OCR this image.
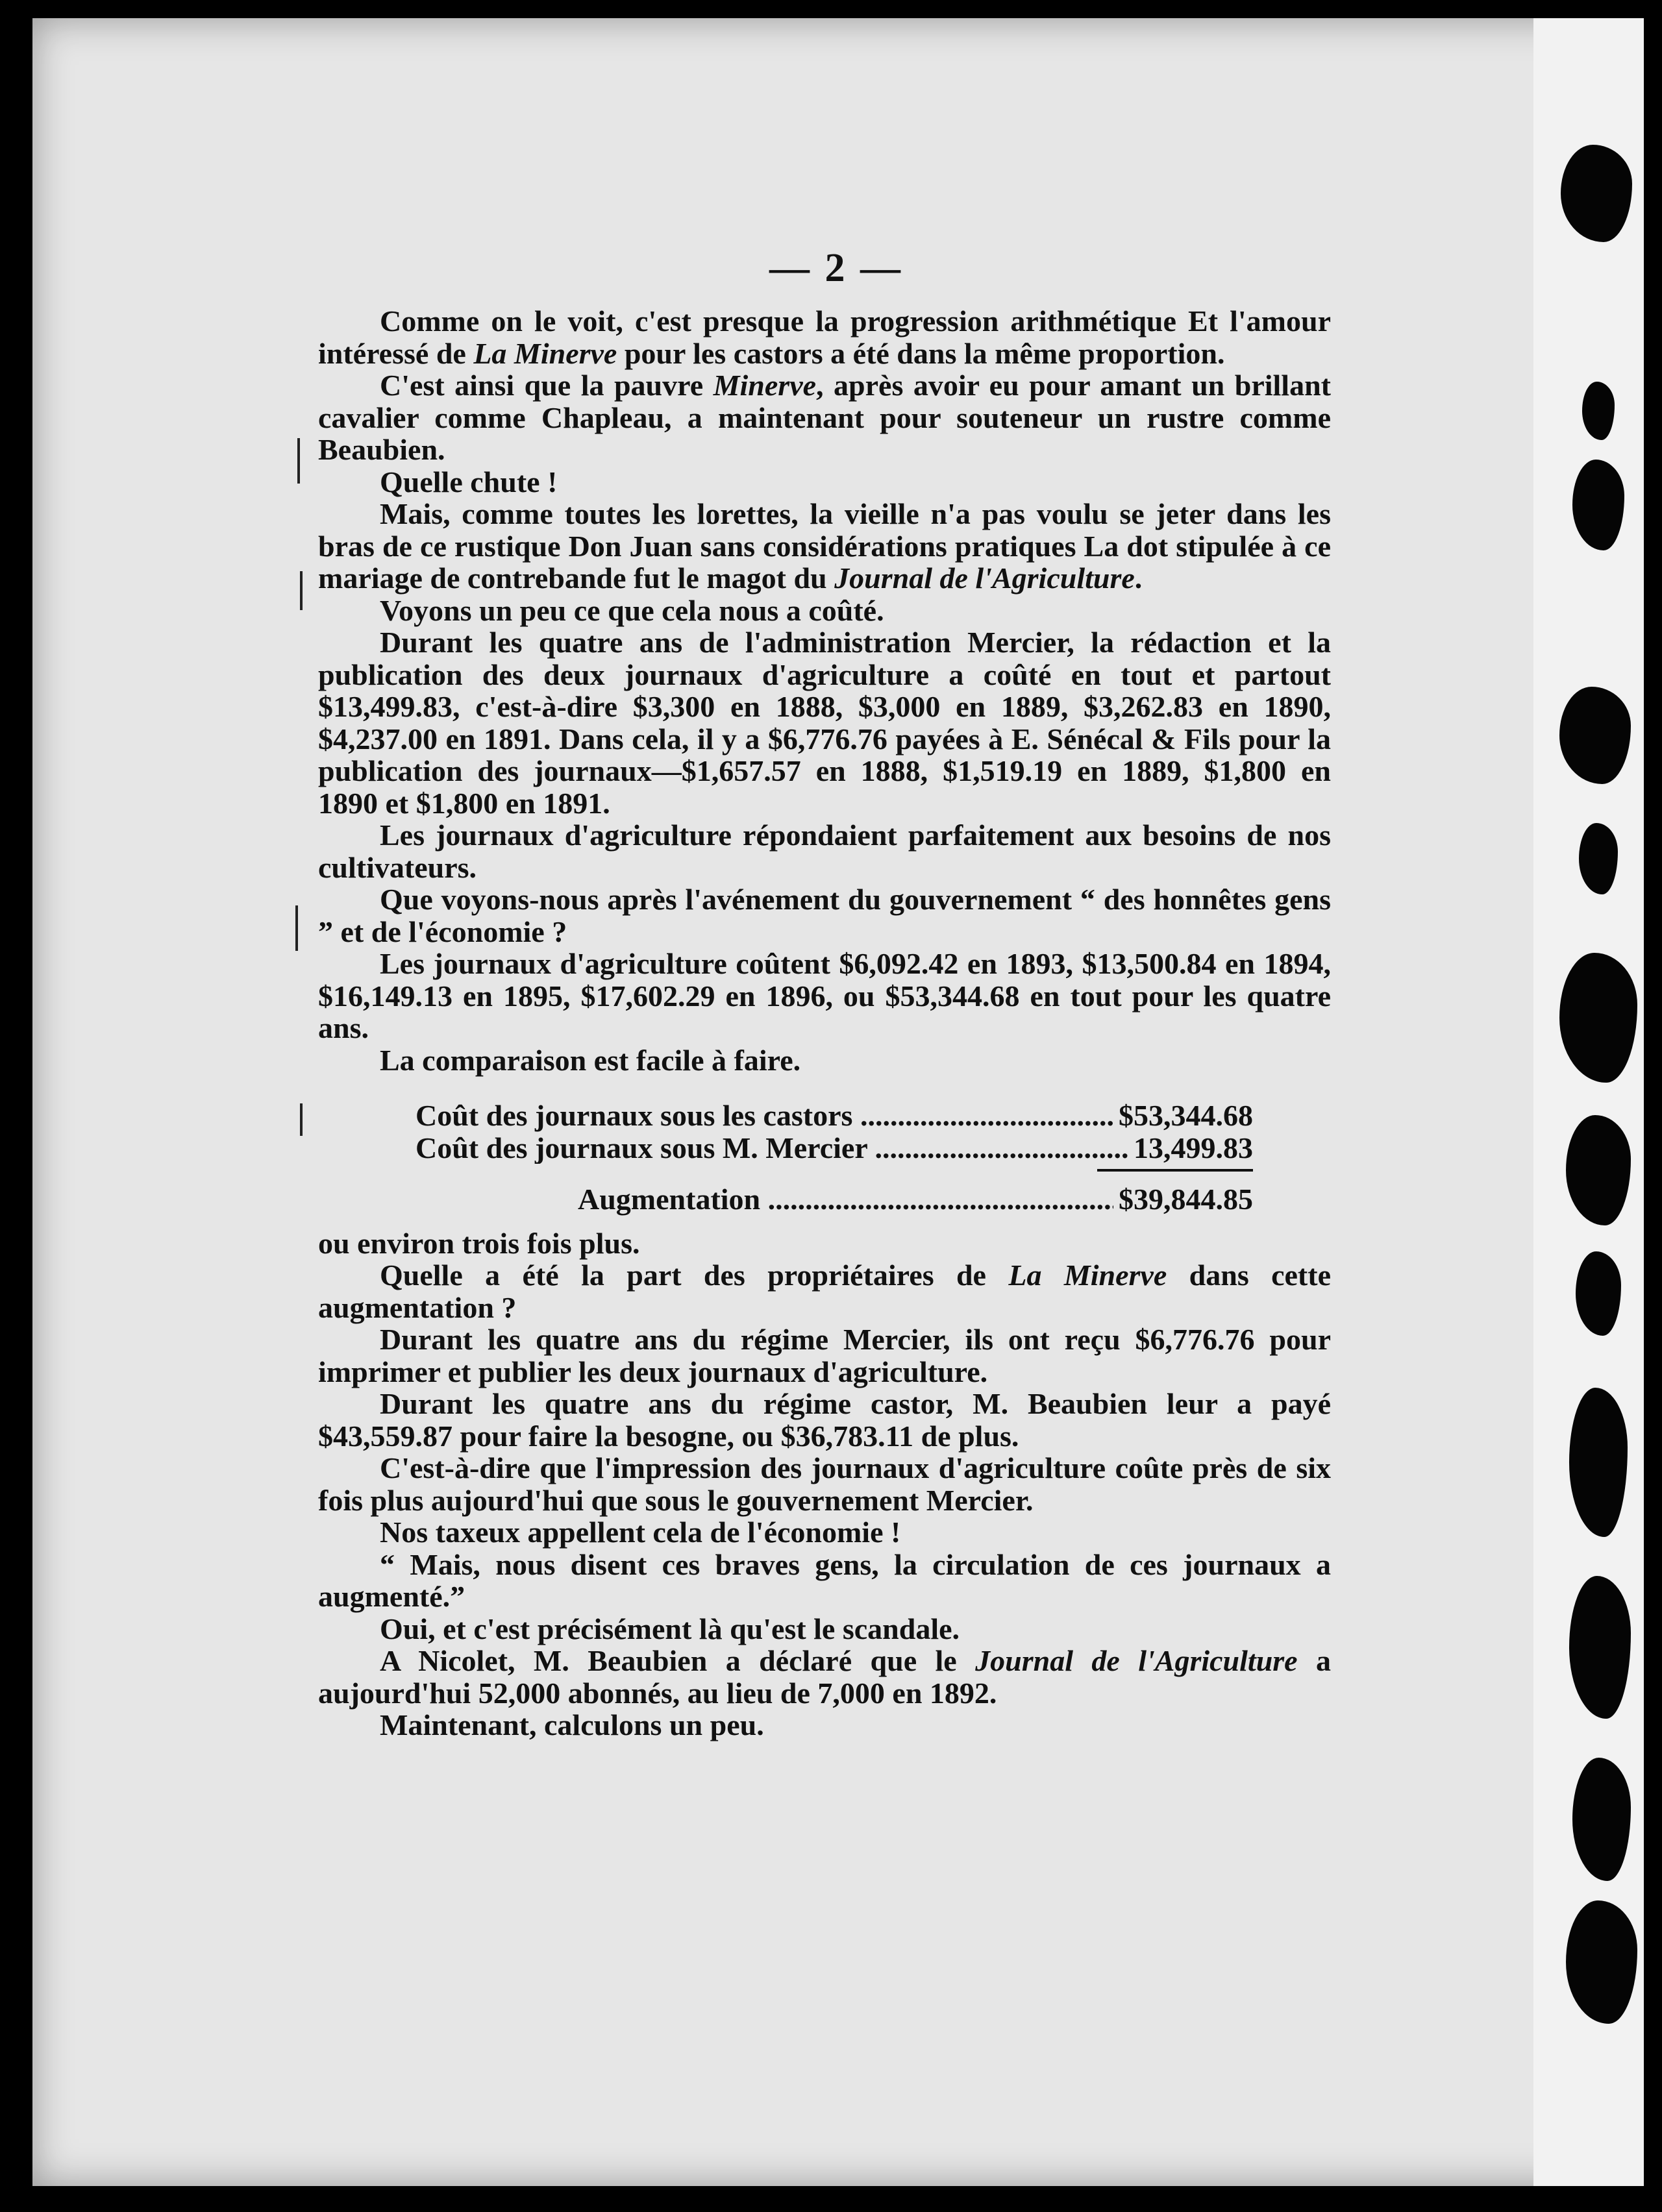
— 2 —

Comme on le voit, c'est presque la progression arithmétique Et l'amour intéressé de La Minerve pour les castors a été dans la même proportion.

C'est ainsi que la pauvre Minerve, après avoir eu pour amant un brillant cavalier comme Chapleau, a maintenant pour souteneur un rustre comme Beaubien.

Quelle chute !

Mais, comme toutes les lorettes, la vieille n'a pas voulu se jeter dans les bras de ce rustique Don Juan sans considérations pratiques La dot stipulée à ce mariage de contrebande fut le magot du Journal de l'Agriculture.

Voyons un peu ce que cela nous a coûté.

Durant les quatre ans de l'administration Mercier, la rédaction et la publication des deux journaux d'agriculture a coûté en tout et partout $13,499.83, c'est-à-dire $3,300 en 1888, $3,000 en 1889, $3,262.83 en 1890, $4,237.00 en 1891. Dans cela, il y a $6,776.76 payées à E. Sénécal & Fils pour la publication des journaux—$1,657.57 en 1888, $1,519.19 en 1889, $1,800 en 1890 et $1,800 en 1891.

Les journaux d'agriculture répondaient parfaitement aux besoins de nos cultivateurs.

Que voyons-nous après l'avénement du gouvernement “ des honnêtes gens ” et de l'économie ?

Les journaux d'agriculture coûtent $6,092.42 en 1893, $13,500.84 en 1894, $16,149.13 en 1895, $17,602.29 en 1896, ou $53,344.68 en tout pour les quatre ans.

La comparaison est facile à faire.

Coût des journaux sous les castors .....	$53,344.68
Coût des journaux sous M. Mercier .....	13,499.83
Augmentation .....	$39,844.85

ou environ trois fois plus.

Quelle a été la part des propriétaires de La Minerve dans cette augmentation ?

Durant les quatre ans du régime Mercier, ils ont reçu $6,776.76 pour imprimer et publier les deux journaux d'agriculture.

Durant les quatre ans du régime castor, M. Beaubien leur a payé $43,559.87 pour faire la besogne, ou $36,783.11 de plus.

C'est-à-dire que l'impression des journaux d'agriculture coûte près de six fois plus aujourd'hui que sous le gouvernement Mercier.

Nos taxeux appellent cela de l'économie !

“ Mais, nous disent ces braves gens, la circulation de ces journaux a augmenté.”

Oui, et c'est précisément là qu'est le scandale.

A Nicolet, M. Beaubien a déclaré que le Journal de l'Agriculture a aujourd'hui 52,000 abonnés, au lieu de 7,000 en 1892.

Maintenant, calculons un peu.
